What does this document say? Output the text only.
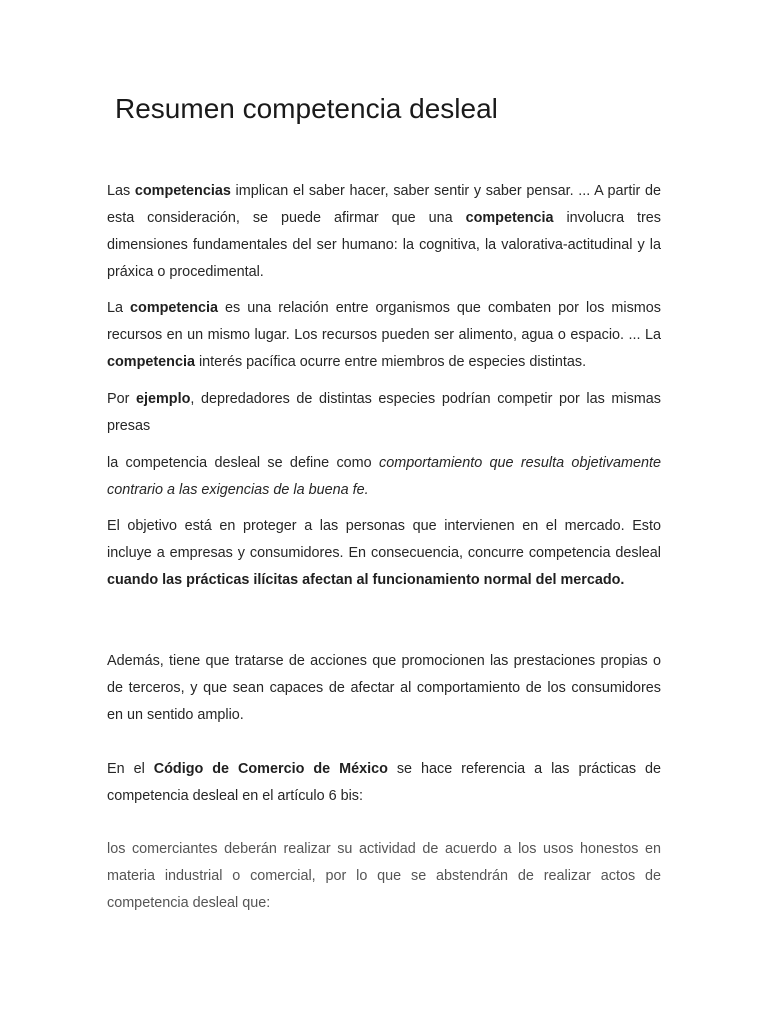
Resumen competencia desleal

Las competencias implican el saber hacer, saber sentir y saber pensar. ... A partir de esta consideración, se puede afirmar que una competencia involucra tres dimensiones fundamentales del ser humano: la cognitiva, la valorativa-actitudinal y la práxica o procedimental.

La competencia es una relación entre organismos que combaten por los mismos recursos en un mismo lugar. Los recursos pueden ser alimento, agua o espacio. ... La competencia interés pacífica ocurre entre miembros de especies distintas.

Por ejemplo, depredadores de distintas especies podrían competir por las mismas presas

la competencia desleal se define como comportamiento que resulta objetivamente contrario a las exigencias de la buena fe.

El objetivo está en proteger a las personas que intervienen en el mercado. Esto incluye a empresas y consumidores. En consecuencia, concurre competencia desleal cuando las prácticas ilícitas afectan al funcionamiento normal del mercado.

Además, tiene que tratarse de acciones que promocionen las prestaciones propias o de terceros, y que sean capaces de afectar al comportamiento de los consumidores en un sentido amplio.

En el Código de Comercio de México se hace referencia a las prácticas de competencia desleal en el artículo 6 bis:

los comerciantes deberán realizar su actividad de acuerdo a los usos honestos en materia industrial o comercial, por lo que se abstendrán de realizar actos de competencia desleal que:
